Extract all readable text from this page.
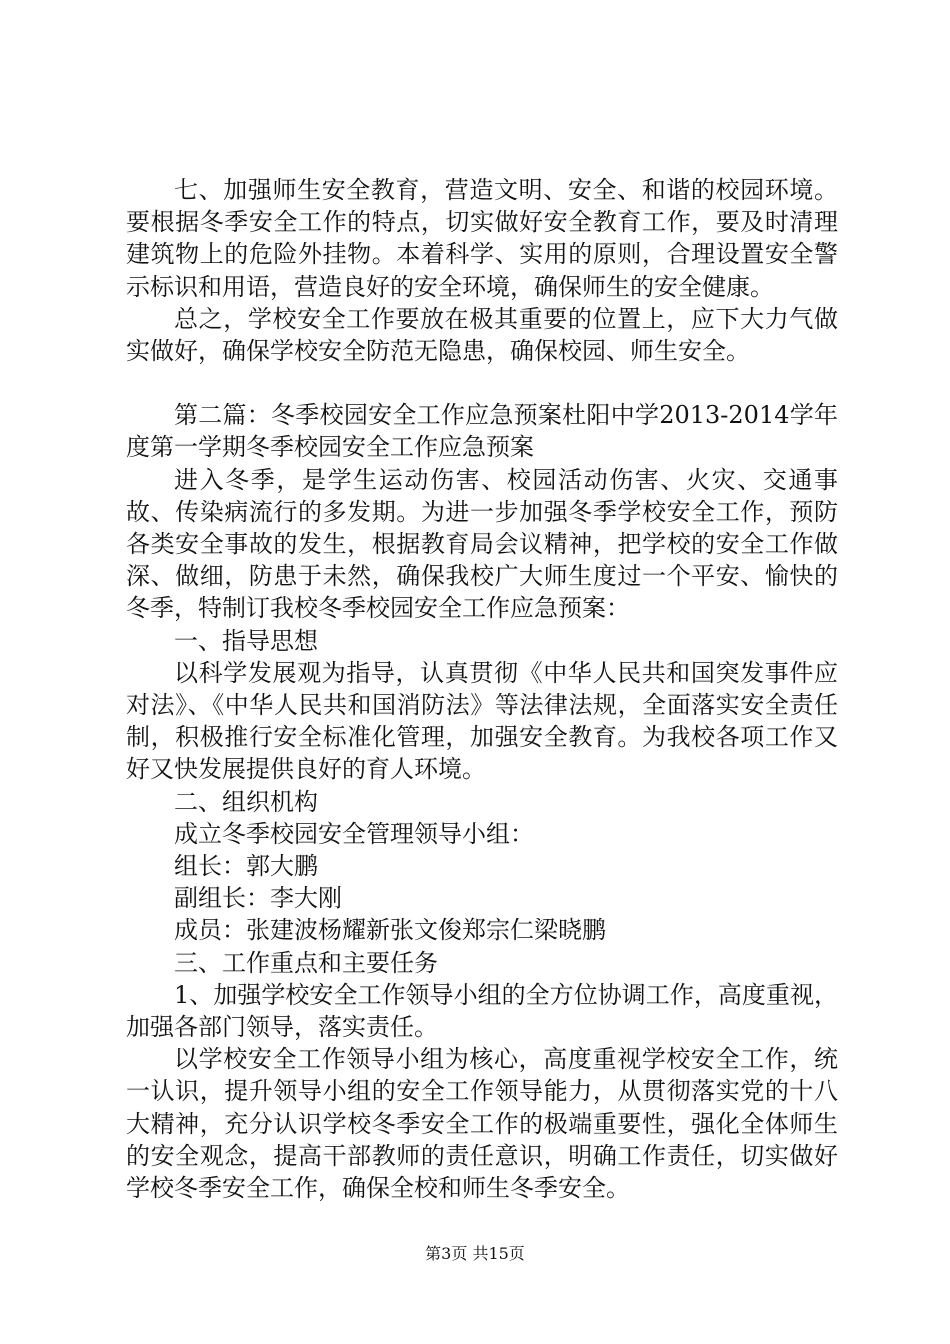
七、加强师生安全教育，营造文明、安全、和谐的校园环境。要根据冬季安全工作的特点，切实做好安全教育工作，要及时清理建筑物上的危险外挂物。本着科学、实用的原则，合理设置安全警示标识和用语，营造良好的安全环境，确保师生的安全健康。

总之，学校安全工作要放在极其重要的位置上，应下大力气做实做好，确保学校安全防范无隐患，确保校园、师生安全。

第二篇：冬季校园安全工作应急预案杜阳中学2013-2014学年度第一学期冬季校园安全工作应急预案

进入冬季，是学生运动伤害、校园活动伤害、火灾、交通事故、传染病流行的多发期。为进一步加强冬季学校安全工作，预防各类安全事故的发生，根据教育局会议精神，把学校的安全工作做深、做细，防患于未然，确保我校广大师生度过一个平安、愉快的冬季，特制订我校冬季校园安全工作应急预案：

一、指导思想

以科学发展观为指导，认真贯彻《中华人民共和国突发事件应对法》、《中华人民共和国消防法》等法律法规，全面落实安全责任制，积极推行安全标准化管理，加强安全教育。为我校各项工作又好又快发展提供良好的育人环境。

二、组织机构

成立冬季校园安全管理领导小组：

组长：郭大鹏

副组长：李大刚

成员：张建波杨耀新张文俊郑宗仁梁晓鹏

三、工作重点和主要任务

1、加强学校安全工作领导小组的全方位协调工作，高度重视，加强各部门领导，落实责任。

以学校安全工作领导小组为核心，高度重视学校安全工作，统一认识，提升领导小组的安全工作领导能力，从贯彻落实党的十八大精神，充分认识学校冬季安全工作的极端重要性，强化全体师生的安全观念，提高干部教师的责任意识，明确工作责任，切实做好学校冬季安全工作，确保全校和师生冬季安全。

第3页 共15页
